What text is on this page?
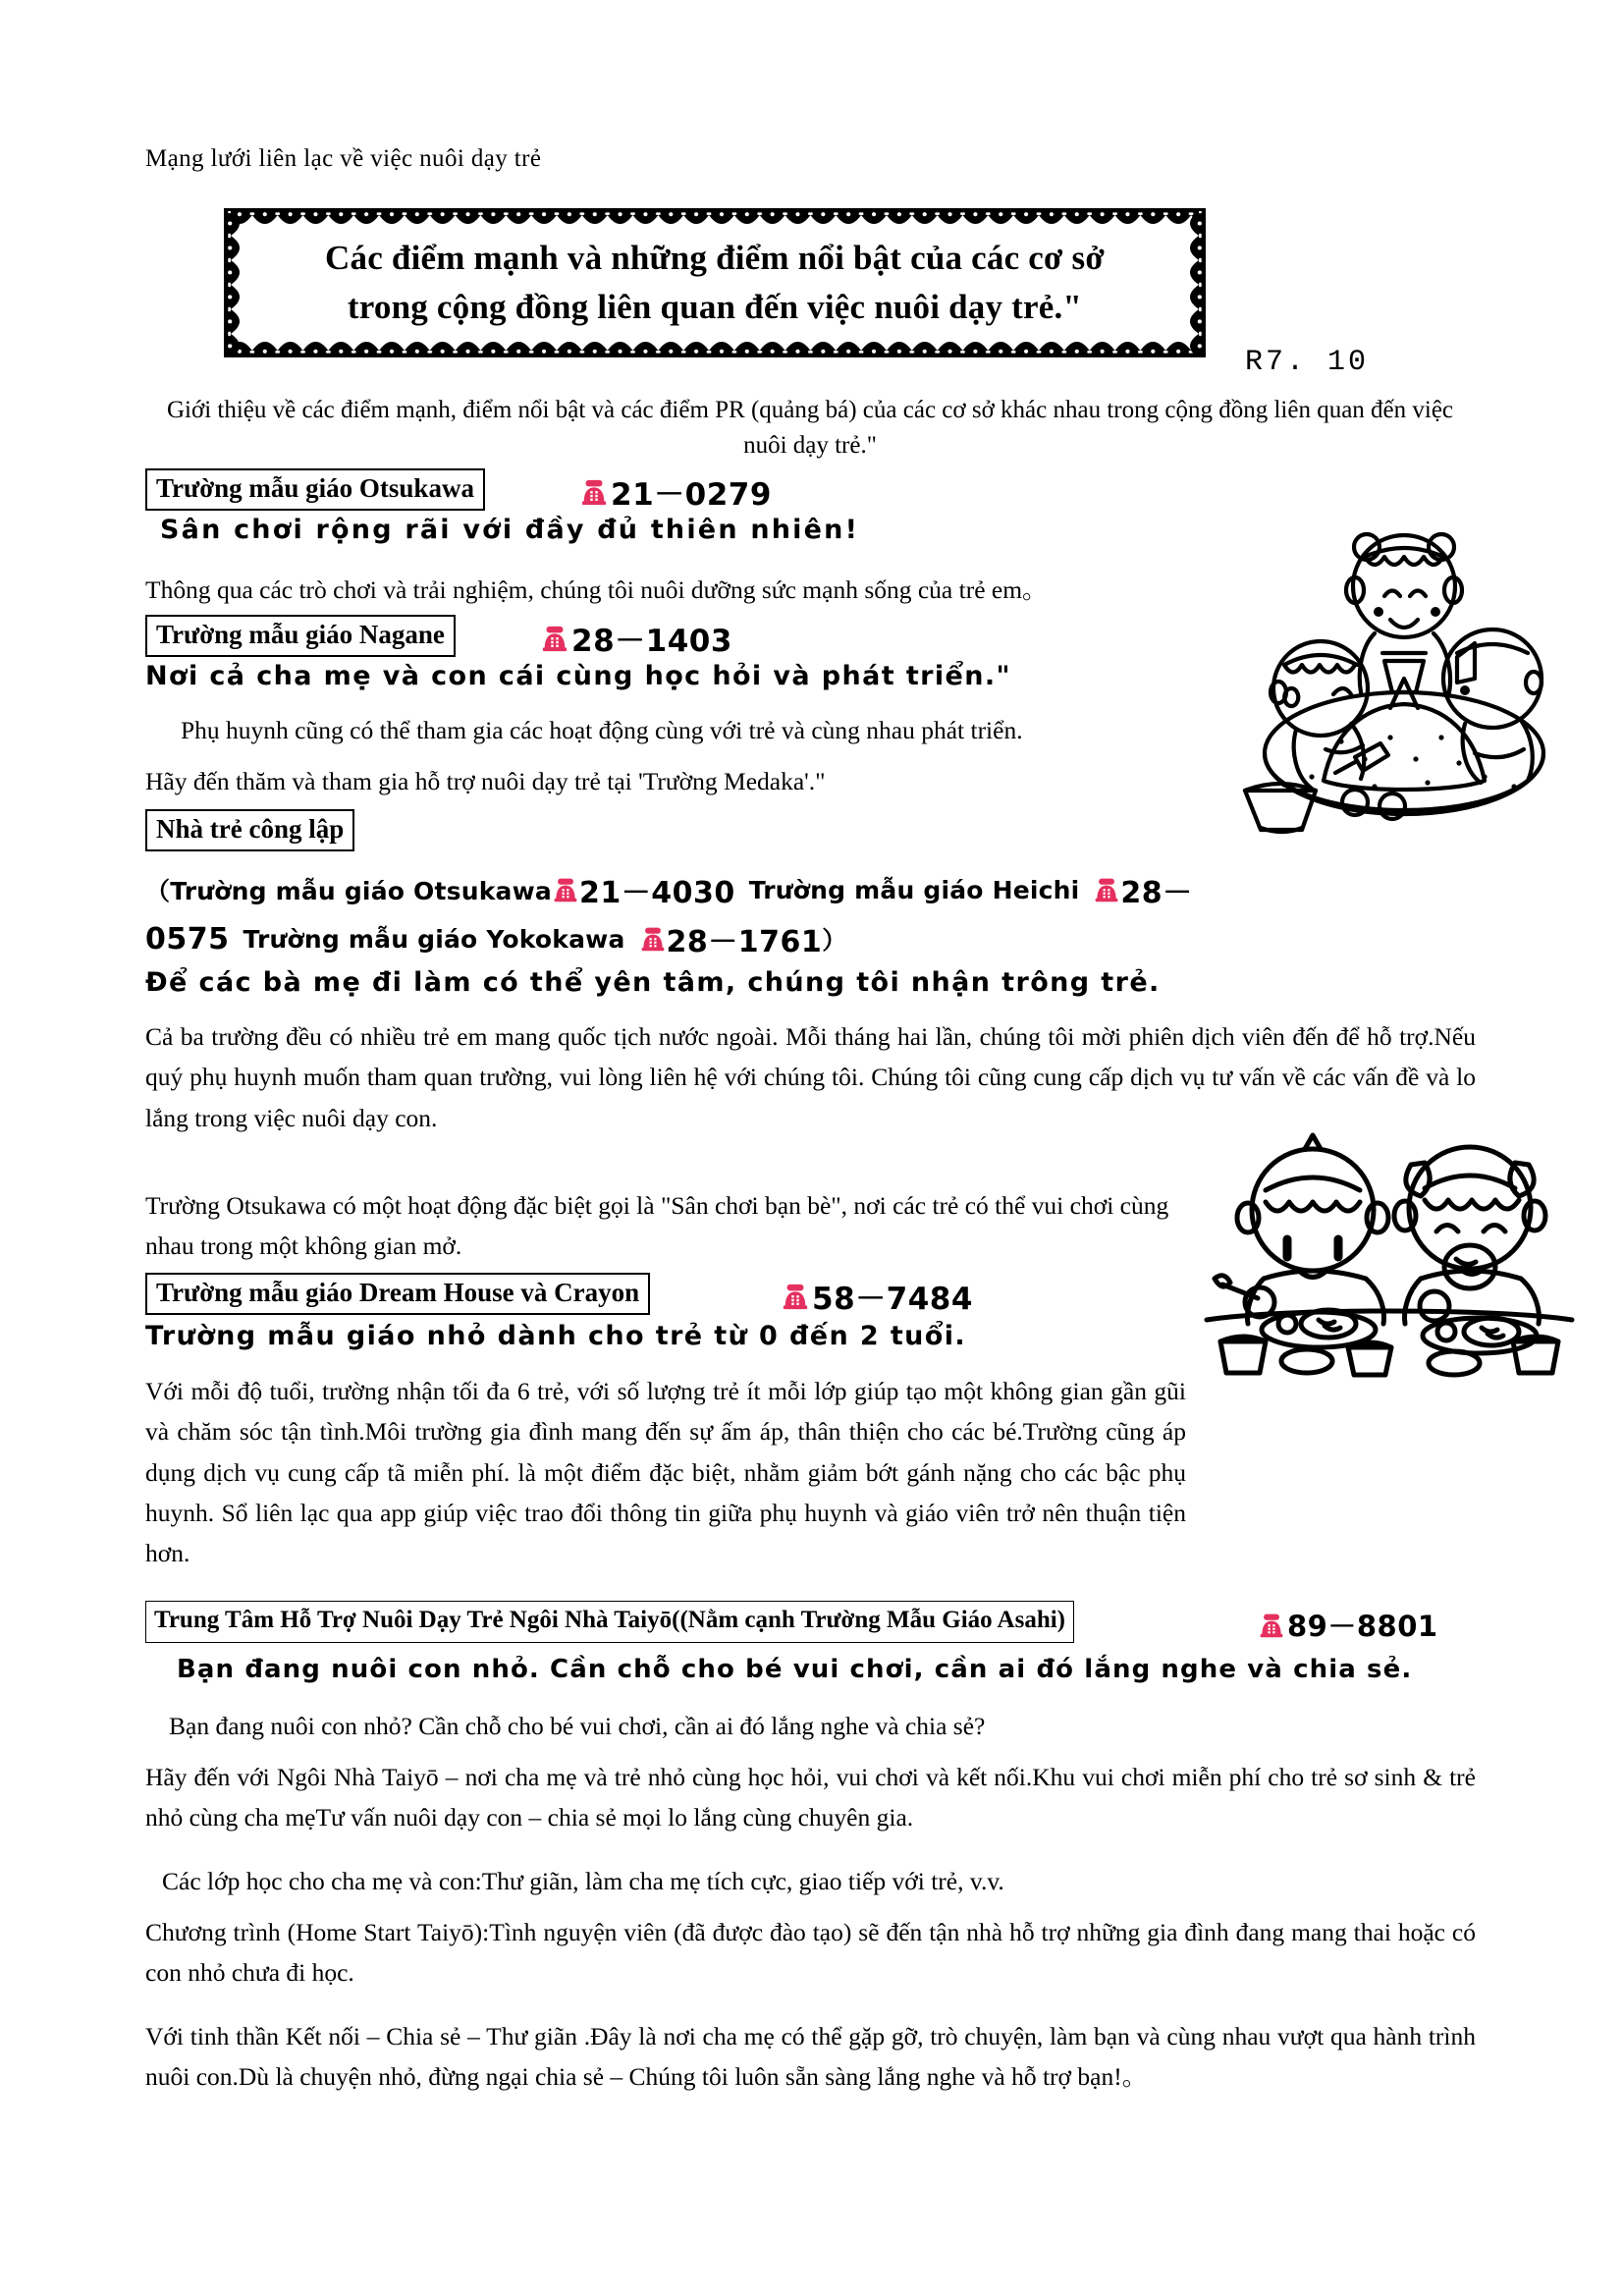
Mạng lưới liên lạc về việc nuôi dạy trẻ
Các điểm mạnh và những điểm nổi bật của các cơ sở
trong cộng đồng liên quan đến việc nuôi dạy trẻ."
R7. 10
Giới thiệu về các điểm mạnh, điểm nổi bật và các điểm PR (quảng bá) của các cơ sở khác nhau trong cộng đồng liên quan đến việc nuôi dạy trẻ."
Trường mẫu giáo Otsukawa	21－0279
Sân chơi rộng rãi với đầy đủ thiên nhiên!
Thông qua các trò chơi và trải nghiệm, chúng tôi nuôi dưỡng sức mạnh sống của trẻ em。
Trường mẫu giáo Nagane	28－1403
Nơi cả cha mẹ và con cái cùng học hỏi và phát triển."
Phụ huynh cũng có thể tham gia các hoạt động cùng với trẻ và cùng nhau phát triển.
Hãy đến thăm và tham gia hỗ trợ nuôi dạy trẻ tại 'Trường Medaka'."
Nhà trẻ công lập
（Trường mẫu giáo Otsukawa 21－4030 Trường mẫu giáo Heichi 28－
0575 Trường mẫu giáo Yokokawa 28－1761 ）
Để các bà mẹ đi làm có thể yên tâm, chúng tôi nhận trông trẻ.
Cả ba trường đều có nhiều trẻ em mang quốc tịch nước ngoài. Mỗi tháng hai lần, chúng tôi mời phiên dịch viên đến để hỗ trợ.Nếu quý phụ huynh muốn tham quan trường, vui lòng liên hệ với chúng tôi. Chúng tôi cũng cung cấp dịch vụ tư vấn về các vấn đề và lo lắng trong việc nuôi dạy con.
Trường Otsukawa có một hoạt động đặc biệt gọi là "Sân chơi bạn bè", nơi các trẻ có thể vui chơi cùng nhau trong một không gian mở.
Trường mẫu giáo Dream House và Crayon	58－7484
Trường mẫu giáo nhỏ dành cho trẻ từ 0 đến 2 tuổi.
Với mỗi độ tuổi, trường nhận tối đa 6 trẻ, với số lượng trẻ ít mỗi lớp giúp tạo một không gian gần gũi và chăm sóc tận tình.Môi trường gia đình mang đến sự ấm áp, thân thiện cho các bé.Trường cũng áp dụng dịch vụ cung cấp tã miễn phí. là một điểm đặc biệt, nhằm giảm bớt gánh nặng cho các bậc phụ huynh. Sổ liên lạc qua app giúp việc trao đổi thông tin giữa phụ huynh và giáo viên trở nên thuận tiện hơn.
Trung Tâm Hỗ Trợ Nuôi Dạy Trẻ Ngôi Nhà Taiyō((Nằm cạnh Trường Mẫu Giáo Asahi)	89－8801
Bạn đang nuôi con nhỏ. Cần chỗ cho bé vui chơi, cần ai đó lắng nghe và chia sẻ.
Bạn đang nuôi con nhỏ? Cần chỗ cho bé vui chơi, cần ai đó lắng nghe và chia sẻ?
Hãy đến với Ngôi Nhà Taiyō – nơi cha mẹ và trẻ nhỏ cùng học hỏi, vui chơi và kết nối.Khu vui chơi miễn phí cho trẻ sơ sinh & trẻ nhỏ cùng cha mẹTư vấn nuôi dạy con – chia sẻ mọi lo lắng cùng chuyên gia.
Các lớp học cho cha mẹ và con:Thư giãn, làm cha mẹ tích cực, giao tiếp với trẻ, v.v.
Chương trình (Home Start Taiyō):Tình nguyện viên (đã được đào tạo) sẽ đến tận nhà hỗ trợ những gia đình đang mang thai hoặc có con nhỏ chưa đi học.
Với tinh thần Kết nối – Chia sẻ – Thư giãn .Đây là nơi cha mẹ có thể gặp gỡ, trò chuyện, làm bạn và cùng nhau vượt qua hành trình nuôi con.Dù là chuyện nhỏ, đừng ngại chia sẻ – Chúng tôi luôn sẵn sàng lắng nghe và hỗ trợ bạn!。
